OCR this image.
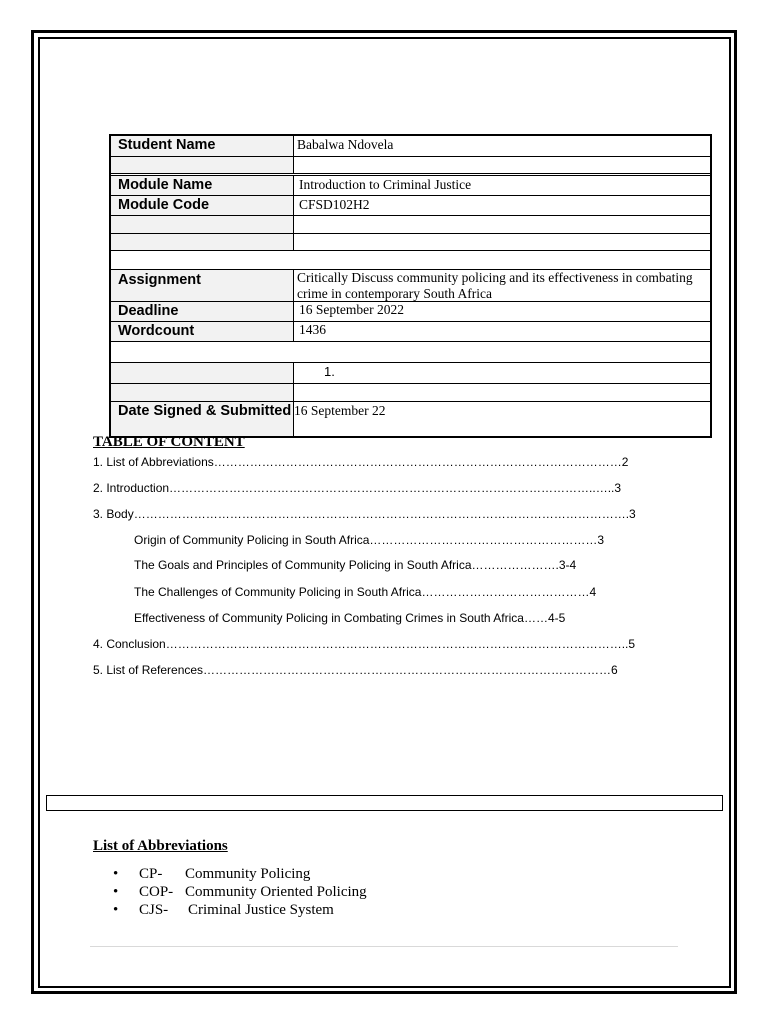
Student Name	Babalwa Ndovela
Module Name	Introduction to Criminal Justice
Module Code	CFSD102H2
Assignment	Critically Discuss community policing and its effectiveness in combating crime in contemporary South Africa
Deadline	16 September 2022
Wordcount	1436
1.
Date Signed & Submitted 16 September 22
TABLE OF CONTENT
1. List of Abbreviations…………………………………………………………………………………………2
2. Introduction……………………………………………………………………………………………..…..3
3. Body…………………………………………………………………………………………………………….3
Origin of Community Policing in South Africa…………………………………………………3
The Goals and Principles of Community Policing in South Africa………………….3-4
The Challenges of Community Policing in South Africa……………………………………4
Effectiveness of Community Policing in Combating Crimes in South Africa……4-5
4. Conclusion……………………………………………………………………………………………………..5
5. List of References…………………………………………………………………………………………6
List of Abbreviations
•	CP-	Community Policing
•	COP- Community Oriented Policing
•	CJS-	Criminal Justice System
